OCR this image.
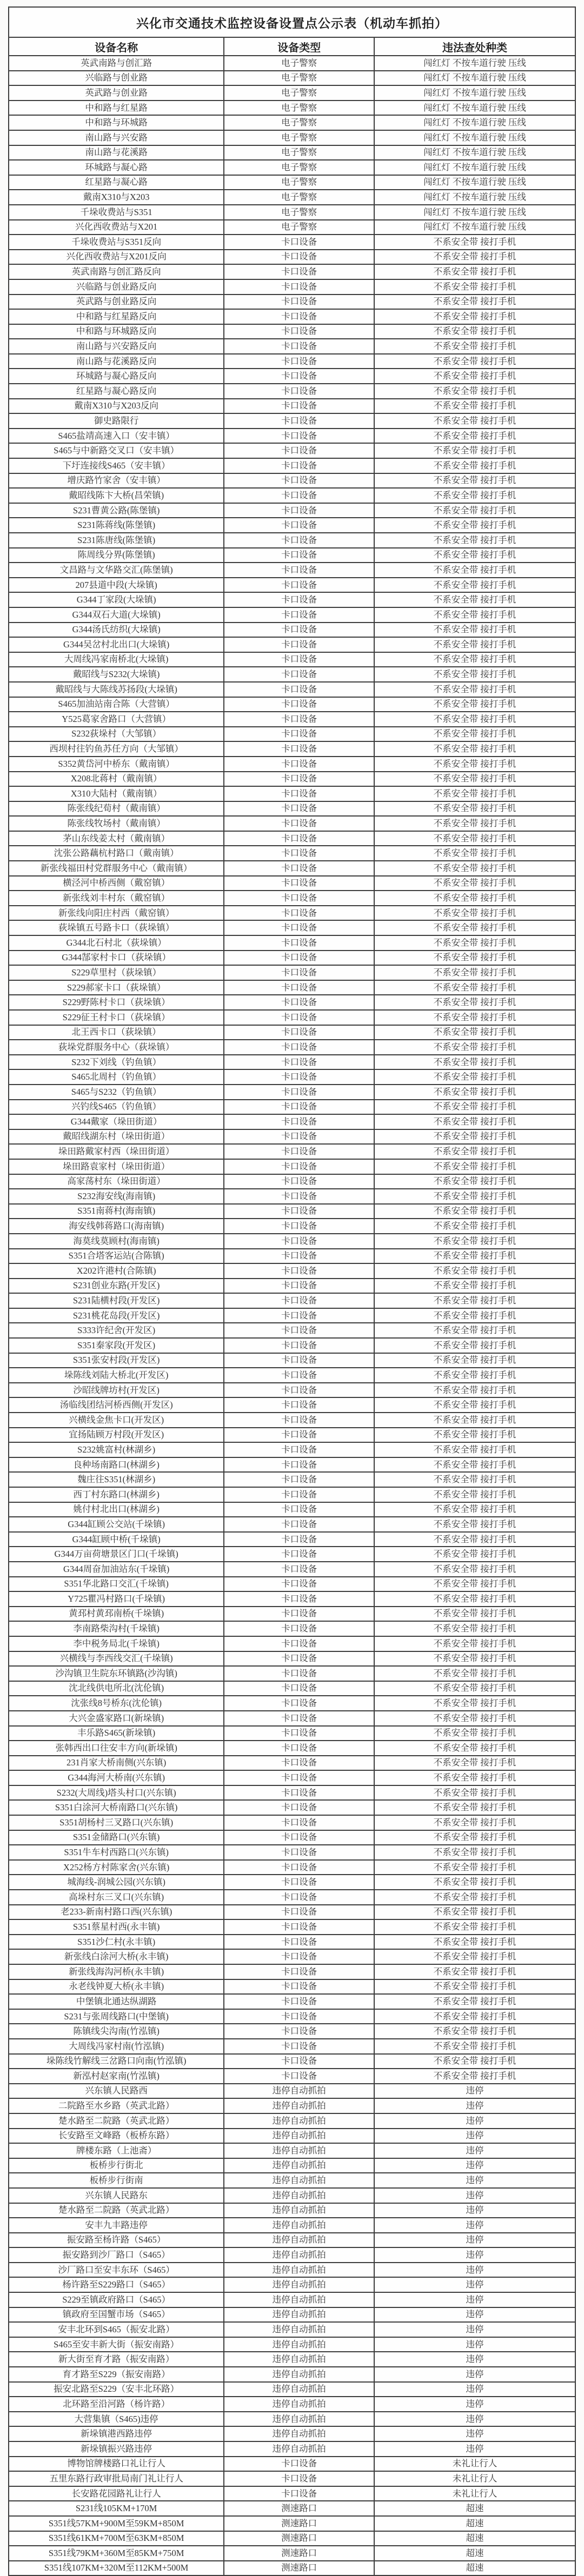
兴化市交通技术监控设备设置点公示表（机动车抓拍）		
设备名称	设备类型	违法查处种类
英武南路与创汇路	电子警察	闯红灯 不按车道行驶 压线
兴临路与创业路	电子警察	闯红灯 不按车道行驶 压线
英武路与创业路	电子警察	闯红灯 不按车道行驶 压线
中和路与红星路	电子警察	闯红灯 不按车道行驶 压线
中和路与环城路	电子警察	闯红灯 不按车道行驶 压线
南山路与兴安路	电子警察	闯红灯 不按车道行驶 压线
南山路与花溪路	电子警察	闯红灯 不按车道行驶 压线
环城路与凝心路	电子警察	闯红灯 不按车道行驶 压线
红星路与凝心路	电子警察	闯红灯 不按车道行驶 压线
戴南X310与X203	电子警察	闯红灯 不按车道行驶 压线
千垛收费站与S351	电子警察	闯红灯 不按车道行驶 压线
兴化西收费站与X201	电子警察	闯红灯 不按车道行驶 压线
千垛收费站与S351反向	卡口设备	不系安全带 接打手机
兴化西收费站与X201反向	卡口设备	不系安全带 接打手机
英武南路与创汇路反向	卡口设备	不系安全带 接打手机
兴临路与创业路反向	卡口设备	不系安全带 接打手机
英武路与创业路反向	卡口设备	不系安全带 接打手机
中和路与红星路反向	卡口设备	不系安全带 接打手机
中和路与环城路反向	卡口设备	不系安全带 接打手机
南山路与兴安路反向	卡口设备	不系安全带 接打手机
南山路与花溪路反向	卡口设备	不系安全带 接打手机
环城路与凝心路反向	卡口设备	不系安全带 接打手机
红星路与凝心路反向	卡口设备	不系安全带 接打手机
戴南X310与X203反向	卡口设备	不系安全带 接打手机
御史路限行	卡口设备	不系安全带 接打手机
S465盐靖高速入口（安丰镇）	卡口设备	不系安全带 接打手机
S465与中新路交叉口（安丰镇）	卡口设备	不系安全带 接打手机
下圩连接线S465（安丰镇）	卡口设备	不系安全带 接打手机
增庆路竹家舍（安丰镇）	卡口设备	不系安全带 接打手机
戴昭线陈卞大桥(昌荣镇)	卡口设备	不系安全带 接打手机
S231曹黄公路(陈堡镇)	卡口设备	不系安全带 接打手机
S231陈蒋线(陈堡镇)	卡口设备	不系安全带 接打手机
S231陈唐线(陈堡镇)	卡口设备	不系安全带 接打手机
陈周线分界(陈堡镇)	卡口设备	不系安全带 接打手机
文昌路与文华路交汇(陈堡镇)	卡口设备	不系安全带 接打手机
207县道中段(大垛镇)	卡口设备	不系安全带 接打手机
G344丁家段(大垛镇)	卡口设备	不系安全带 接打手机
G344双石大道(大垛镇)	卡口设备	不系安全带 接打手机
G344汤氏纺织(大垛镇)	卡口设备	不系安全带 接打手机
G344吴岔村北出口(大垛镇)	卡口设备	不系安全带 接打手机
大周线冯家南桥北(大垛镇)	卡口设备	不系安全带 接打手机
戴昭线与S232(大垛镇)	卡口设备	不系安全带 接打手机
戴昭线与大陈线苏扬段(大垛镇)	卡口设备	不系安全带 接打手机
S465加油站南合陈（大营镇）	卡口设备	不系安全带 接打手机
Y525葛家舍路口（大营镇）	卡口设备	不系安全带 接打手机
S232荻垛村（大邹镇）	卡口设备	不系安全带 接打手机
西坝村往钓鱼苏任方向（大邹镇）	卡口设备	不系安全带 接打手机
S352黄岱河中桥东（戴南镇）	卡口设备	不系安全带 接打手机
X208北蒋村（戴南镇）	卡口设备	不系安全带 接打手机
X310大陆村（戴南镇）	卡口设备	不系安全带 接打手机
陈张线纪荀村（戴南镇）	卡口设备	不系安全带 接打手机
陈张线牧场村（戴南镇）	卡口设备	不系安全带 接打手机
茅山东线姜太村（戴南镇）	卡口设备	不系安全带 接打手机
沈张公路藕杭村路口（戴南镇）	卡口设备	不系安全带 接打手机
新张线福田村党群服务中心（戴南镇）	卡口设备	不系安全带 接打手机
横泾河中桥西侧（戴窑镇）	卡口设备	不系安全带 接打手机
新张线刘丰村东（戴窑镇）	卡口设备	不系安全带 接打手机
新张线向阳庄村西（戴窑镇）	卡口设备	不系安全带 接打手机
荻垛镇五号路卡口（荻垛镇）	卡口设备	不系安全带 接打手机
G344北石村北（荻垛镇）	卡口设备	不系安全带 接打手机
G344郜家村卡口（荻垛镇）	卡口设备	不系安全带 接打手机
S229草里村（荻垛镇）	卡口设备	不系安全带 接打手机
S229郝家卡口（荻垛镇）	卡口设备	不系安全带 接打手机
S229野陈村卡口（荻垛镇）	卡口设备	不系安全带 接打手机
S229征王村卡口（荻垛镇）	卡口设备	不系安全带 接打手机
北王西卡口（荻垛镇）	卡口设备	不系安全带 接打手机
荻垛党群服务中心（荻垛镇）	卡口设备	不系安全带 接打手机
S232下刘线（钓鱼镇）	卡口设备	不系安全带 接打手机
S465北周村（钓鱼镇）	卡口设备	不系安全带 接打手机
S465与S232（钓鱼镇）	卡口设备	不系安全带 接打手机
兴钓线S465（钓鱼镇）	卡口设备	不系安全带 接打手机
G344戴家（垛田街道）	卡口设备	不系安全带 接打手机
戴昭线湖东村（垛田街道）	卡口设备	不系安全带 接打手机
垛田路戴家村西（垛田街道）	卡口设备	不系安全带 接打手机
垛田路袁家村（垛田街道）	卡口设备	不系安全带 接打手机
高家荡村东（垛田街道）	卡口设备	不系安全带 接打手机
S232海安线(海南镇)	卡口设备	不系安全带 接打手机
S351南蒋村(海南镇)	卡口设备	不系安全带 接打手机
海安线韩蒋路口(海南镇)	卡口设备	不系安全带 接打手机
海莫线莫顾村(海南镇)	卡口设备	不系安全带 接打手机
S351合塔客运站(合陈镇)	卡口设备	不系安全带 接打手机
X202许港村(合陈镇)	卡口设备	不系安全带 接打手机
S231创业东路(开发区)	卡口设备	不系安全带 接打手机
S231陆横村段(开发区)	卡口设备	不系安全带 接打手机
S231桃花岛段(开发区)	卡口设备	不系安全带 接打手机
S333许纪舍(开发区)	卡口设备	不系安全带 接打手机
S351秦家段(开发区)	卡口设备	不系安全带 接打手机
S351张安村段(开发区)	卡口设备	不系安全带 接打手机
垛陈线刘陆大桥北(开发区)	卡口设备	不系安全带 接打手机
沙昭线牌坊村(开发区)	卡口设备	不系安全带 接打手机
汤临线团结河桥西侧(开发区)	卡口设备	不系安全带 接打手机
兴横线金焦卡口(开发区)	卡口设备	不系安全带 接打手机
宜扬陆顾万村段(开发区)	卡口设备	不系安全带 接打手机
S232姚富村(林湖乡)	卡口设备	不系安全带 接打手机
良种场南路口(林湖乡)	卡口设备	不系安全带 接打手机
魏庄往S351(林湖乡)	卡口设备	不系安全带 接打手机
西丁村东路口(林湖乡)	卡口设备	不系安全带 接打手机
姚付村北出口(林湖乡)	卡口设备	不系安全带 接打手机
G344缸顾公交站(千垛镇)	卡口设备	不系安全带 接打手机
G344缸顾中桥(千垛镇)	卡口设备	不系安全带 接打手机
G344万亩荷塘景区门口(千垛镇)	卡口设备	不系安全带 接打手机
G344周奋加油站东(千垛镇)	卡口设备	不系安全带 接打手机
S351华北路口交汇(千垛镇)	卡口设备	不系安全带 接打手机
Y725瞿冯村路口(千垛镇)	卡口设备	不系安全带 接打手机
黄邳村黄邳南桥(千垛镇)	卡口设备	不系安全带 接打手机
李南路柴沟村(千垛镇)	卡口设备	不系安全带 接打手机
李中税务局北(千垛镇)	卡口设备	不系安全带 接打手机
兴横线与李西线交汇(千垛镇)	卡口设备	不系安全带 接打手机
沙沟镇卫生院东环镇路(沙沟镇)	卡口设备	不系安全带 接打手机
沈北线供电所北(沈伦镇)	卡口设备	不系安全带 接打手机
沈张线8号桥东(沈伦镇)	卡口设备	不系安全带 接打手机
大兴金盛家路口(新垛镇)	卡口设备	不系安全带 接打手机
丰乐路S465(新垛镇)	卡口设备	不系安全带 接打手机
张韩西出口往安丰方向(新垛镇)	卡口设备	不系安全带 接打手机
231肖家大桥南侧(兴东镇)	卡口设备	不系安全带 接打手机
G344海河大桥南(兴东镇)	卡口设备	不系安全带 接打手机
S232(大周线)塔头村口(兴东镇)	卡口设备	不系安全带 接打手机
S351白涂河大桥南路口(兴东镇)	卡口设备	不系安全带 接打手机
S351胡杨村三叉路口(兴东镇)	卡口设备	不系安全带 接打手机
S351金储路口(兴东镇)	卡口设备	不系安全带 接打手机
S351牛车村西路口(兴东镇)	卡口设备	不系安全带 接打手机
X252杨方村陈家舍(兴东镇)	卡口设备	不系安全带 接打手机
城海线-润城公园(兴东镇)	卡口设备	不系安全带 接打手机
高垛村东三叉口(兴东镇)	卡口设备	不系安全带 接打手机
老233-新南村路口西(兴东镇)	卡口设备	不系安全带 接打手机
S351蔡星村西(永丰镇)	卡口设备	不系安全带 接打手机
S351沙仁村(永丰镇)	卡口设备	不系安全带 接打手机
新张线白涂河大桥(永丰镇)	卡口设备	不系安全带 接打手机
新张线海沟河桥(永丰镇)	卡口设备	不系安全带 接打手机
永老线钟夏大桥(永丰镇)	卡口设备	不系安全带 接打手机
中堡镇北通达纵湖路	卡口设备	不系安全带 接打手机
S231与张周线路口(中堡镇)	卡口设备	不系安全带 接打手机
陈镇线尖沟南(竹泓镇)	卡口设备	不系安全带 接打手机
大周线冯家村南(竹泓镇)	卡口设备	不系安全带 接打手机
垛陈线竹解线三岔路口向南(竹泓镇)	卡口设备	不系安全带 接打手机
新泓村赵家南(竹泓镇)	卡口设备	不系安全带 接打手机
兴东镇人民路西	违停自动抓拍	违停
二院路至水乡路（英武北路）	违停自动抓拍	违停
楚水路至二院路（英武北路）	违停自动抓拍	违停
长安路至文峰路（板桥东路）	违停自动抓拍	违停
牌楼东路（上池斋）	违停自动抓拍	违停
板桥步行街北	违停自动抓拍	违停
板桥步行街南	违停自动抓拍	违停
兴东镇人民路东	违停自动抓拍	违停
楚水路至二院路（英武北路）	违停自动抓拍	违停
安丰九丰路违停	违停自动抓拍	违停
振安路至杨许路（S465）	违停自动抓拍	违停
振安路到沙厂路口（S465）	违停自动抓拍	违停
沙厂路口至安丰东环（S465）	违停自动抓拍	违停
杨许路至S229路口（S465）	违停自动抓拍	违停
S229至镇政府路口（S465）	违停自动抓拍	违停
镇政府至国蟹市场（S465）	违停自动抓拍	违停
安丰北环到S465（振安北路）	违停自动抓拍	违停
S465至安丰新大街（振安南路）	违停自动抓拍	违停
新大街至育才路（振安南路）	违停自动抓拍	违停
育才路至S229（振安南路）	违停自动抓拍	违停
振安北路至S229（安丰北环路）	违停自动抓拍	违停
北环路至沿河路（杨许路）	违停自动抓拍	违停
大营集镇（S465)违停	违停自动抓拍	违停
新垛镇港西路违停	违停自动抓拍	违停
新垛镇振兴路违停	违停自动抓拍	违停
博物馆牌楼路口礼让行人	卡口设备	未礼让行人
五里东路行政审批局南门礼让行人	卡口设备	未礼让行人
长安路花园路礼让行人	卡口设备	未礼让行人
S231线105KM+170M	测速路口	超速
S351线57KM+900M至59KM+850M	测速路口	超速
S351线61KM+700M至63KM+850M	测速路口	超速
S351线79KM+360M至85KM+750M	测速路口	超速
S351线107KM+320M至112KM+500M	测速路口	超速
